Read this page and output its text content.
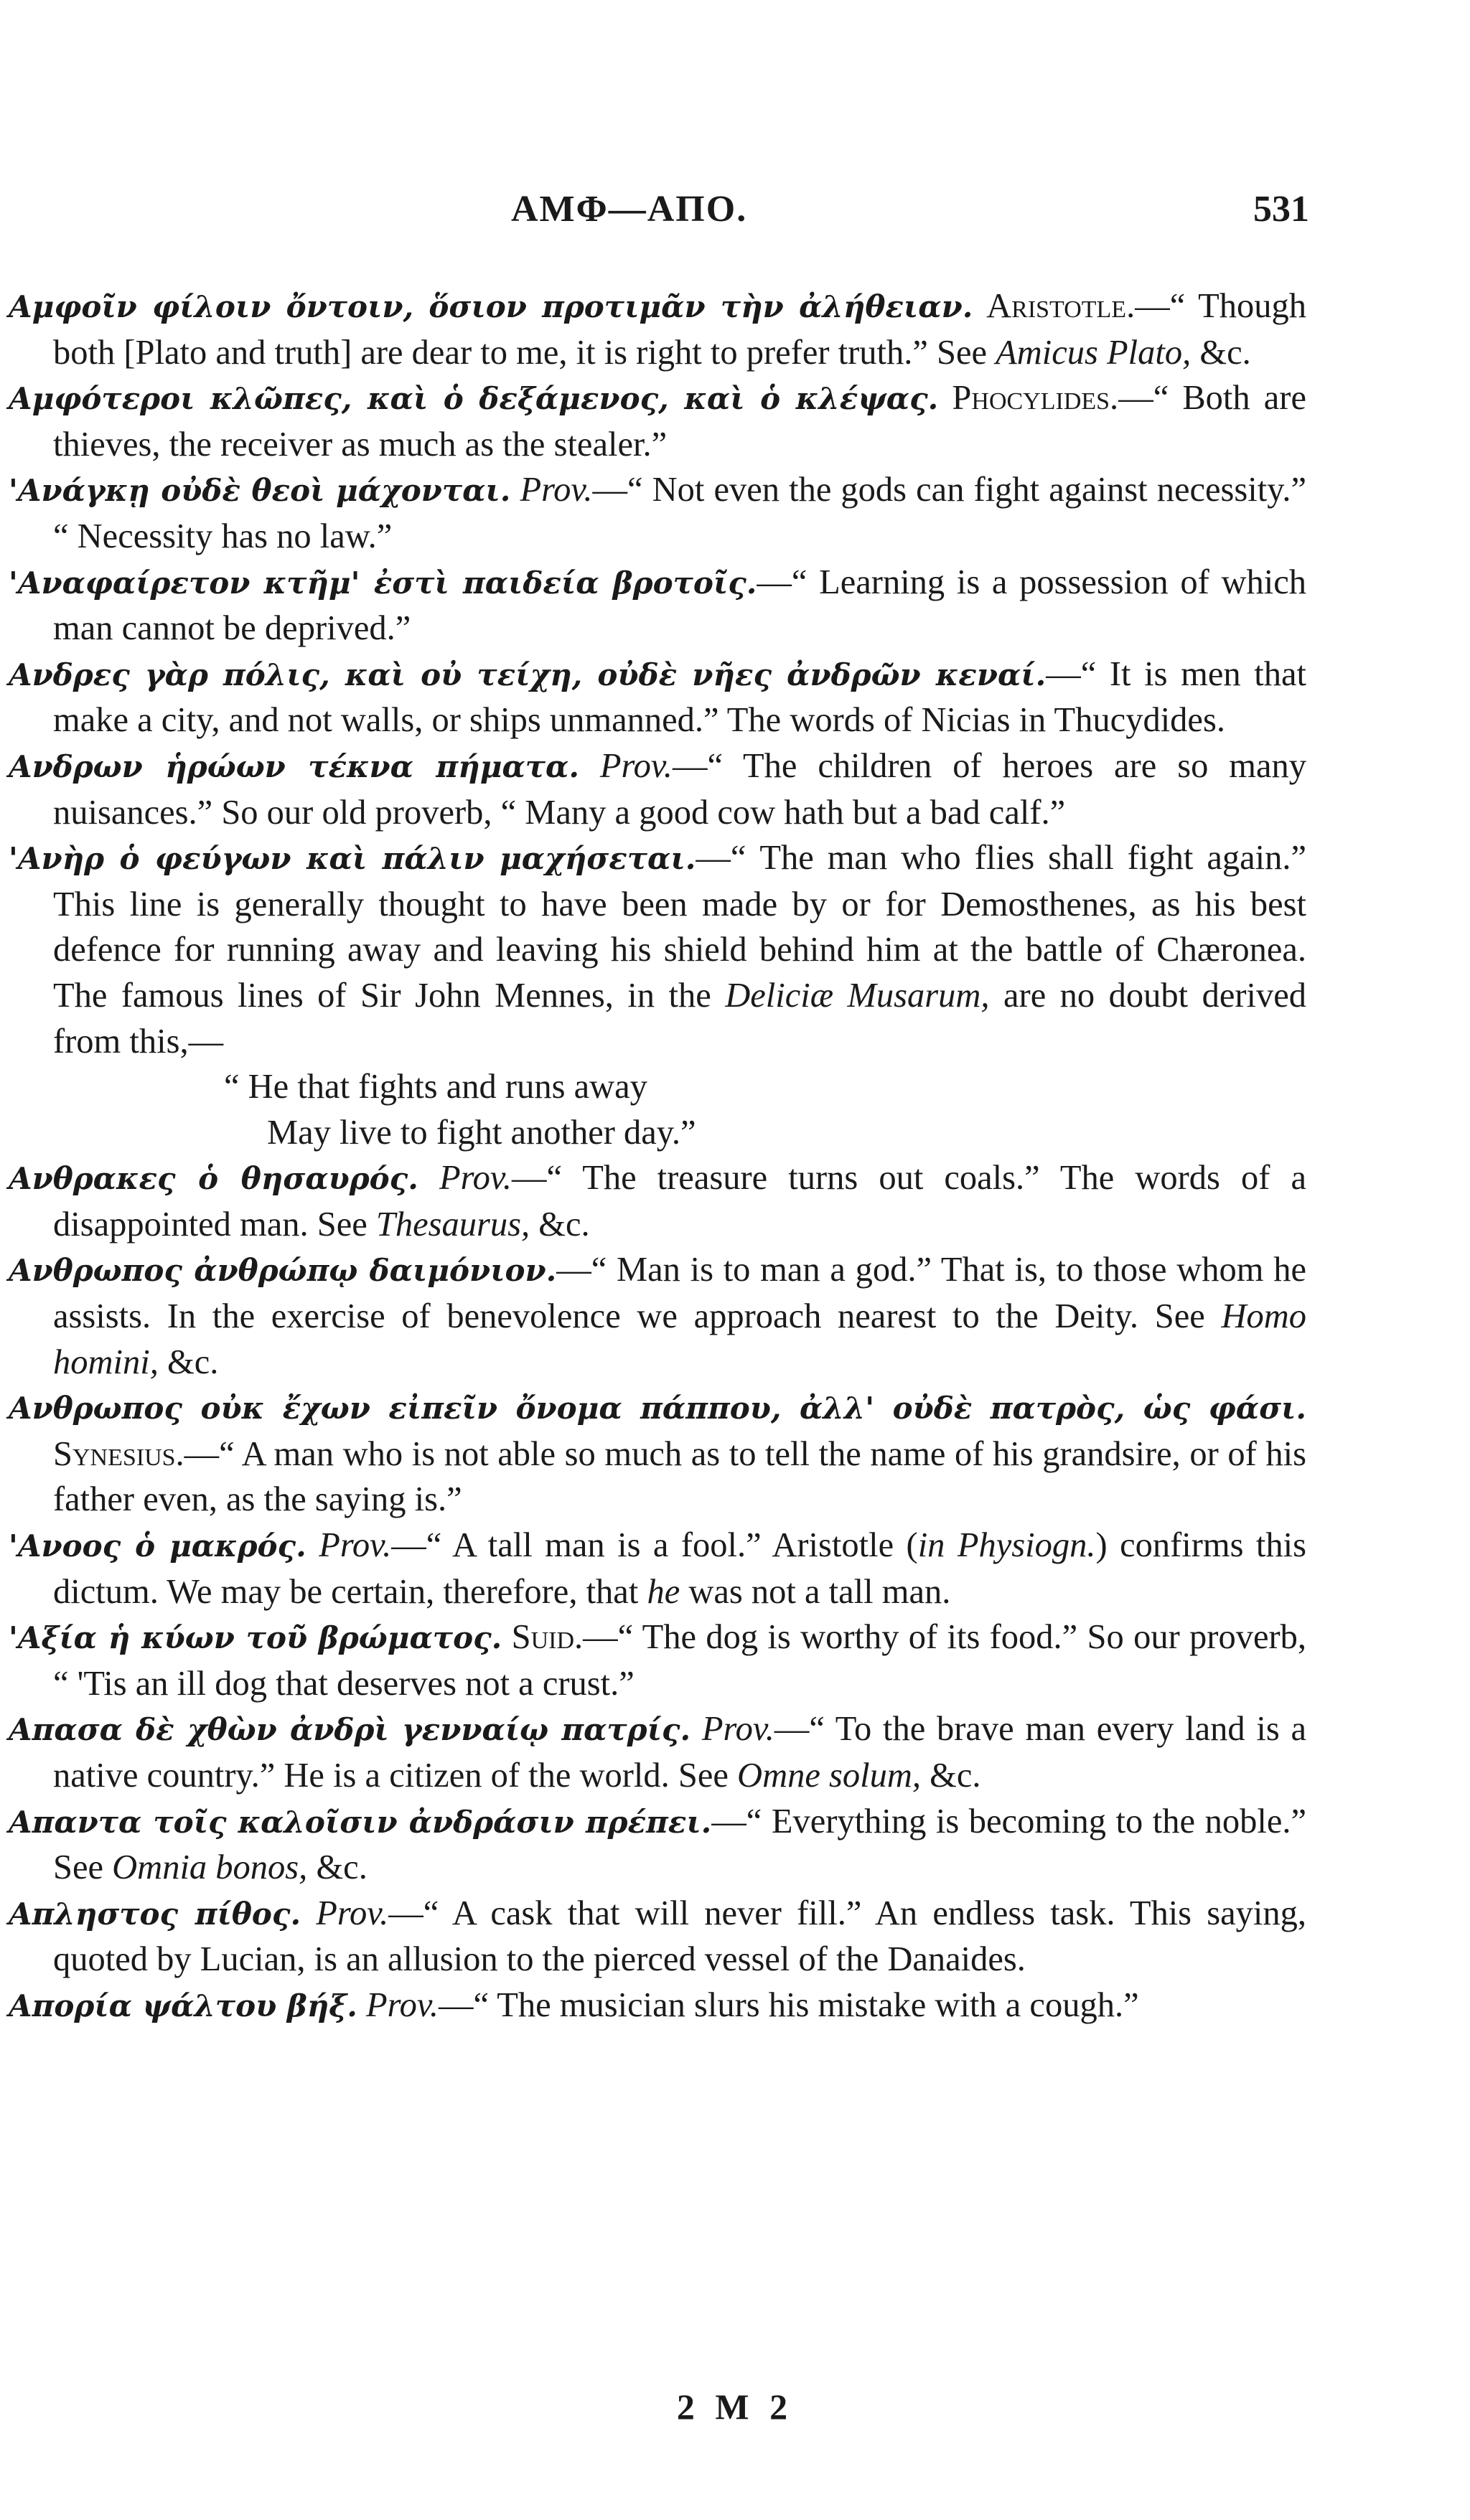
ΑΜΦ—ΑΠΟ.	531

Αμφοῖν φίλοιν ὄντοιν, ὅσιον προτιμᾶν τὴν ἀλήθειαν. Aristotle.—“ Though both [Plato and truth] are dear to me, it is right to prefer truth.” See Amicus Plato, &c.

Αμφότεροι κλῶπες, καὶ ὁ δεξάμενος, καὶ ὁ κλέψας. Phocylides.—“ Both are thieves, the receiver as much as the stealer.”

'Ανάγκῃ οὐδὲ θεοὶ μάχονται. Prov.—“ Not even the gods can fight against necessity.” “ Necessity has no law.”

'Αναφαίρετον κτῆμ' ἐστὶ παιδεία βροτοῖς.—“ Learning is a possession of which man cannot be deprived.”

Ανδρες γὰρ πόλις, καὶ οὐ τείχη, οὐδὲ νῆες ἀνδρῶν κεναί.—“ It is men that make a city, and not walls, or ships unmanned.” The words of Nicias in Thucydides.

Ανδρων ἡρώων τέκνα πήματα. Prov.—“ The children of heroes are so many nuisances.” So our old proverb, “ Many a good cow hath but a bad calf.”

'Ανὴρ ὁ φεύγων καὶ πάλιν μαχήσεται.—“ The man who flies shall fight again.” This line is generally thought to have been made by or for Demosthenes, as his best defence for running away and leaving his shield behind him at the battle of Chæronea. The famous lines of Sir John Mennes, in the Deliciæ Musarum, are no doubt derived from this,—

“ He that fights and runs away

May live to fight another day.”

Ανθρακες ὁ θησαυρός. Prov.—“ The treasure turns out coals.” The words of a disappointed man. See Thesaurus, &c.

Ανθρωπος ἀνθρώπῳ δαιμόνιον.—“ Man is to man a god.” That is, to those whom he assists. In the exercise of benevolence we approach nearest to the Deity. See Homo homini, &c.

Ανθρωπος οὐκ ἔχων εἰπεῖν ὄνομα πάππου, ἀλλ' οὐδὲ πατρὸς, ὡς φάσι. Synesius.—“ A man who is not able so much as to tell the name of his grandsire, or of his father even, as the saying is.”

'Ανοος ὁ μακρός. Prov.—“ A tall man is a fool.” Aristotle (in Physiogn.) confirms this dictum. We may be certain, therefore, that he was not a tall man.

'Αξία ἡ κύων τοῦ βρώματος. Suid.—“ The dog is worthy of its food.” So our proverb, “ 'Tis an ill dog that deserves not a crust.”

Απασα δὲ χθὼν ἀνδρὶ γενναίῳ πατρίς. Prov.—“ To the brave man every land is a native country.” He is a citizen of the world. See Omne solum, &c.

Απαντα τοῖς καλοῖσιν ἀνδράσιν πρέπει.—“ Everything is becoming to the noble.” See Omnia bonos, &c.

Απληστος πίθος. Prov.—“ A cask that will never fill.” An endless task. This saying, quoted by Lucian, is an allusion to the pierced vessel of the Danaides.

Απορία ψάλτου βήξ. Prov.—“ The musician slurs his mistake with a cough.”

2 M 2
